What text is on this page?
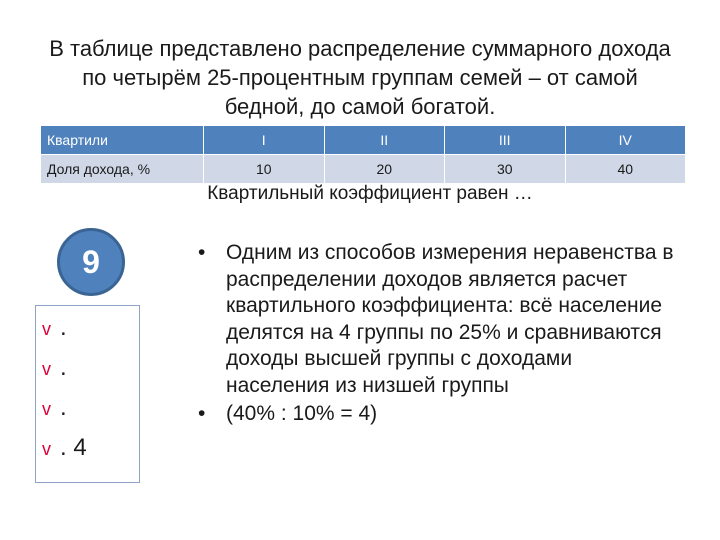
В таблице представлено распределение суммарного дохода по четырём 25-процентным группам семей – от самой бедной, до самой богатой.
Квартили	I	II	III	IV
Доля дохода, %	10	20	30	40
Квартильный коэффициент равен …
9
v .
v .
v .
v . 4
• Одним из способов измерения неравенства в распределении доходов является расчет квартильного коэффициента: всё население делятся на 4 группы по 25% и сравниваются доходы высшей группы с доходами населения из низшей группы
• (40% : 10% = 4)
